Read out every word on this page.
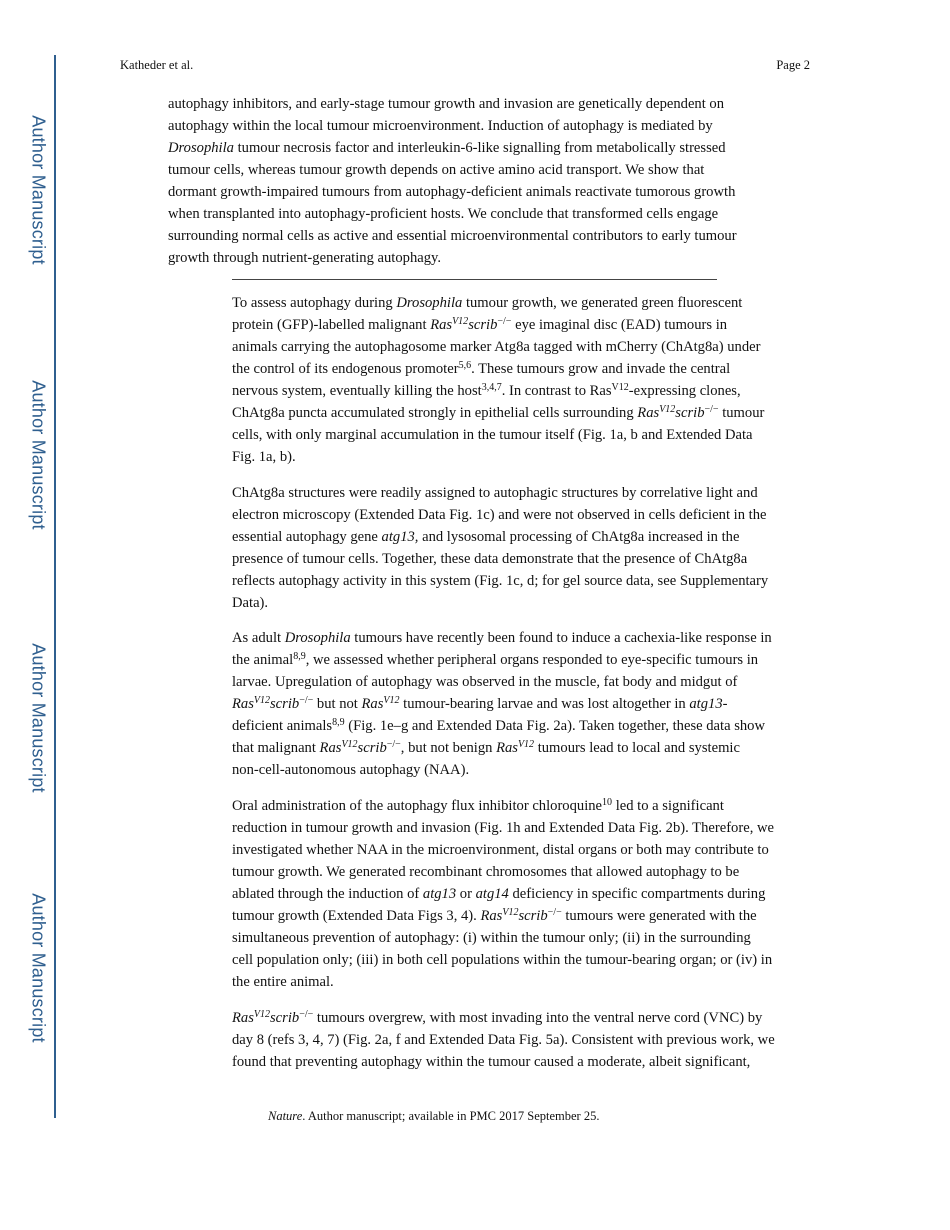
Author Manuscript
Author Manuscript
Author Manuscript
Author Manuscript
Katheder et al.	Page 2
autophagy inhibitors, and early-stage tumour growth and invasion are genetically dependent on
autophagy within the local tumour microenvironment. Induction of autophagy is mediated by
Drosophila tumour necrosis factor and interleukin-6-like signalling from metabolically stressed
tumour cells, whereas tumour growth depends on active amino acid transport. We show that
dormant growth-impaired tumours from autophagy-deficient animals reactivate tumorous growth
when transplanted into autophagy-proficient hosts. We conclude that transformed cells engage
surrounding normal cells as active and essential microenvironmental contributors to early tumour
growth through nutrient-generating autophagy.
To assess autophagy during Drosophila tumour growth, we generated green fluorescent
protein (GFP)-labelled malignant Ras$^{V12}$scrib−/− eye imaginal disc (EAD) tumours in
animals carrying the autophagosome marker Atg8a tagged with mCherry (ChAtg8a) under
the control of its endogenous promoter$^{5,6}$. These tumours grow and invade the central
nervous system, eventually killing the host$^{3,4,7}$. In contrast to Ras$^{V12}$-expressing clones,
ChAtg8a puncta accumulated strongly in epithelial cells surrounding Ras$^{V12}$scrib−/− tumour
cells, with only marginal accumulation in the tumour itself (Fig. 1a, b and Extended Data
Fig. 1a, b).
ChAtg8a structures were readily assigned to autophagic structures by correlative light and
electron microscopy (Extended Data Fig. 1c) and were not observed in cells deficient in the
essential autophagy gene atg13, and lysosomal processing of ChAtg8a increased in the
presence of tumour cells. Together, these data demonstrate that the presence of ChAtg8a
reflects autophagy activity in this system (Fig. 1c, d; for gel source data, see Supplementary
Data).
As adult Drosophila tumours have recently been found to induce a cachexia-like response in
the animal$^{8,9}$, we assessed whether peripheral organs responded to eye-specific tumours in
larvae. Upregulation of autophagy was observed in the muscle, fat body and midgut of
Ras$^{V12}$scrib−/− but not Ras$^{V12}$ tumour-bearing larvae and was lost altogether in atg13-
deficient animals$^{8,9}$ (Fig. 1e–g and Extended Data Fig. 2a). Taken together, these data show
that malignant Ras$^{V12}$scrib−/−, but not benign Ras$^{V12}$ tumours lead to local and systemic
non-cell-autonomous autophagy (NAA).
Oral administration of the autophagy flux inhibitor chloroquine$^{10}$ led to a significant
reduction in tumour growth and invasion (Fig. 1h and Extended Data Fig. 2b). Therefore, we
investigated whether NAA in the microenvironment, distal organs or both may contribute to
tumour growth. We generated recombinant chromosomes that allowed autophagy to be
ablated through the induction of atg13 or atg14 deficiency in specific compartments during
tumour growth (Extended Data Figs 3, 4). Ras$^{V12}$scrib−/− tumours were generated with the
simultaneous prevention of autophagy: (i) within the tumour only; (ii) in the surrounding
cell population only; (iii) in both cell populations within the tumour-bearing organ; or (iv) in
the entire animal.
Ras$^{V12}$scrib−/− tumours overgrew, with most invading into the ventral nerve cord (VNC) by
day 8 (refs 3, 4, 7) (Fig. 2a, f and Extended Data Fig. 5a). Consistent with previous work, we
found that preventing autophagy within the tumour caused a moderate, albeit significant,
Nature. Author manuscript; available in PMC 2017 September 25.
